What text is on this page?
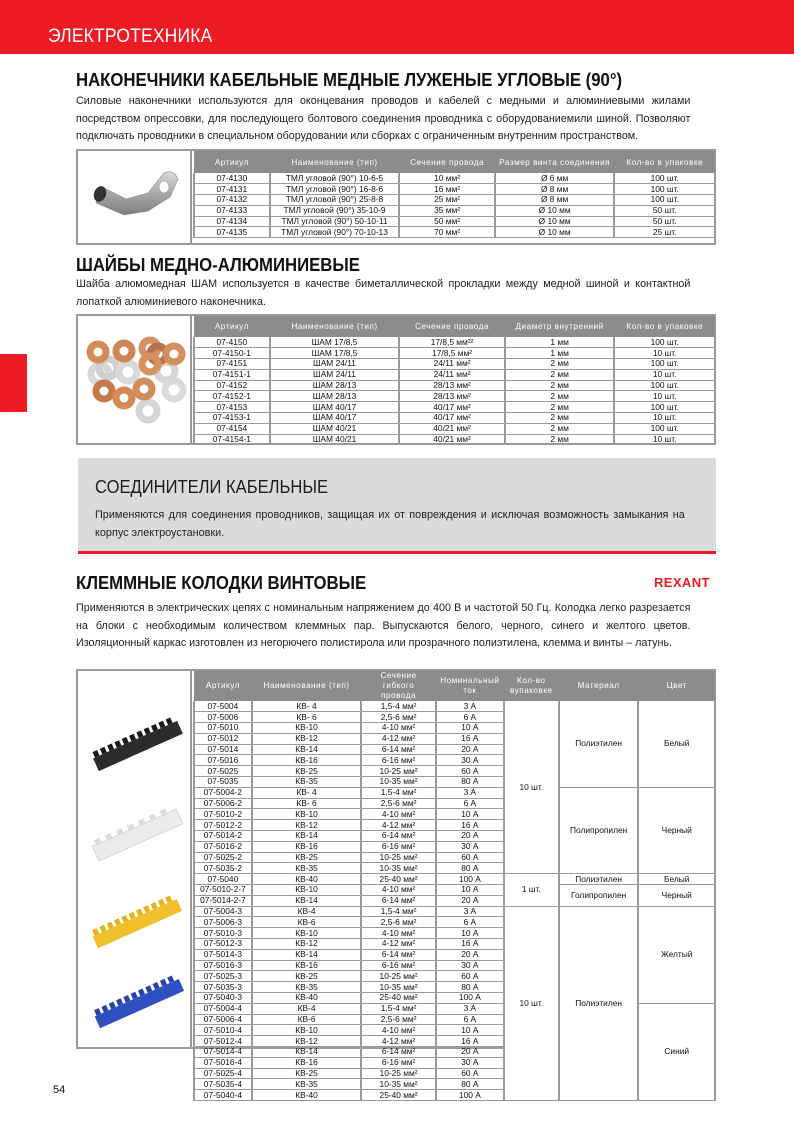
ЭЛЕКТРОТЕХНИКА
НАКОНЕЧНИКИ КАБЕЛЬНЫЕ МЕДНЫЕ ЛУЖЕНЫЕ УГЛОВЫЕ (90°)
Силовые наконечники используются для оконцевания проводов и кабелей с медными и алюминиевыми жилами посредством опрессовки, для последующего болтового соединения проводника с оборудованиемили шиной. Позволяют подключать проводники в специальном оборудовании или сборках с ограниченным внутренним пространством.
Артикул	Наименование (тип)	Сечение провода	Размер винта соединения	Кол-во в упаковке
07-4130	ТМЛ угловой (90°) 10-6-5	10 мм²	Ø 6 мм	100 шт.
07-4131	ТМЛ угловой (90°) 16-8-6	16 мм²	Ø 8 мм	100 шт.
07-4132	ТМЛ угловой (90°) 25-8-8	25 мм²	Ø 8 мм	100 шт.
07-4133	ТМЛ угловой (90°) 35-10-9	35 мм²	Ø 10 мм	50 шт.
07-4134	ТМЛ угловой (90°) 50-10-11	50 мм²	Ø 10 мм	50 шт.
07-4135	ТМЛ угловой (90°) 70-10-13	70 мм²	Ø 10 мм	25 шт.
ШАЙБЫ МЕДНО-АЛЮМИНИЕВЫЕ
Шайба алюмомедная ШАМ используется в качестве биметаллической прокладки между медной шиной и контактной лопаткой алюминиевого наконечника.
Артикул	Наименование (тип)	Сечение провода	Диаметр внутренний	Кол-во в упаковке
07-4150	ШАМ 17/8,5	17/8,5 мм²²	1 мм	100 шт.
07-4150-1	ШАМ 17/8,5	17/8,5 мм²	1 мм	10 шт.
07-4151	ШАМ 24/11	24/11 мм²	2 мм	100 шт.
07-4151-1	ШАМ 24/11	24/11 мм²	2 мм	10 шт.
07-4152	ШАМ 28/13	28/13 мм²	2 мм	100 шт.
07-4152-1	ШАМ 28/13	28/13 мм²	2 мм	10 шт.
07-4153	ШАМ 40/17	40/17 мм²	2 мм	100 шт.
07-4153-1	ШАМ 40/17	40/17 мм²	2 мм	10 шт.
07-4154	ШАМ 40/21	40/21 мм²	2 мм	100 шт.
07-4154-1	ШАМ 40/21	40/21 мм²	2 мм	10 шт.
СОЕДИНИТЕЛИ КАБЕЛЬНЫЕ
Применяются для соединения проводников, защищая их от повреждения и исключая возможность замыкания на корпус электроустановки.
КЛЕММНЫЕ КОЛОДКИ ВИНТОВЫЕ	REXANT
Применяются в электрических цепях с номинальным напряжением до 400 В и частотой 50 Гц. Колодка легко разрезается на блоки с необходимым количеством клеммных пар. Выпускаются белого, черного, синего и желтого цветов. Изоляционный каркас изготовлен из негорючего полистирола или прозрачного полиэтилена, клемма и винты – латунь.
Артикул	Наименование (тип)	Сечение гибкого провода	Номинальный ток	Кол-во вупаковке	Материал	Цвет
07-5004	КВ- 4	1,5-4 мм²	3 А	10 шт.	Полиэтилен	Белый
07-5006	КВ- 6	2,5-6 мм²	6 А			
07-5010	КВ-10	4-10 мм²	10 А			
07-5012	КВ-12	4-12 мм²	16 А			
07-5014	КВ-14	6-14 мм²	20 А			
07-5016	КВ-16	6-16 мм²	30 А			
07-5025	КВ-25	10-25 мм²	60 А			
07-5035	КВ-35	10-35 мм²	80 А			
07-5004-2	КВ- 4	1,5-4 мм²	3 А		Полипропилен	Черный
07-5006-2	КВ- 6	2,5-6 мм²	6 А			
07-5010-2	КВ-10	4-10 мм²	10 А			
07-5012-2	КВ-12	4-12 мм²	16 А			
07-5014-2	КВ-14	6-14 мм²	20 А			
07-5016-2	КВ-16	6-16 мм²	30 А			
07-5025-2	КВ-25	10-25 мм²	60 А			
07-5035-2	КВ-35	10-35 мм²	80 А			
07-5040	КВ-40	25-40 мм²	100 А	1 шт.	Полиэтилен	Белый
07-5010-2-7	КВ-10	4-10 мм²	10 А		Голипропилен	Черный
07-5014-2-7	КВ-14	6-14 мм²	20 А			
07-5004-3	КВ-4	1,5-4 мм²	3 А	10 шт.	Полиэтилен	Желтый
07-5006-3	КВ-6	2,5-6 мм²	6 А			
07-5010-3	КВ-10	4-10 мм²	10 А			
07-5012-3	КВ-12	4-12 мм²	16 А			
07-5014-3	КВ-14	6-14 мм²	20 А			
07-5016-3	КВ-16	6-16 мм²	30 А			
07-5025-3	КВ-25	10-25 мм²	60 А			
07-5035-3	КВ-35	10-35 мм²	80 А			
07-5040-3	КВ-40	25-40 мм²	100 А			
07-5004-4	КВ-4	1,5-4 мм²	3 А			Синий
07-5006-4	КВ-6	2,5-6 мм²	6 А			
07-5010-4	КВ-10	4-10 мм²	10 А			
07-5012-4	КВ-12	4-12 мм²	16 А			
07-5014-4	КВ-14	6-14 мм²	20 А			
07-5016-4	КВ-16	6-16 мм²	30 А			
07-5025-4	КВ-25	10-25 мм²	60 А			
07-5035-4	КВ-35	10-35 мм²	80 А			
07-5040-4	КВ-40	25-40 мм²	100 А			
54
